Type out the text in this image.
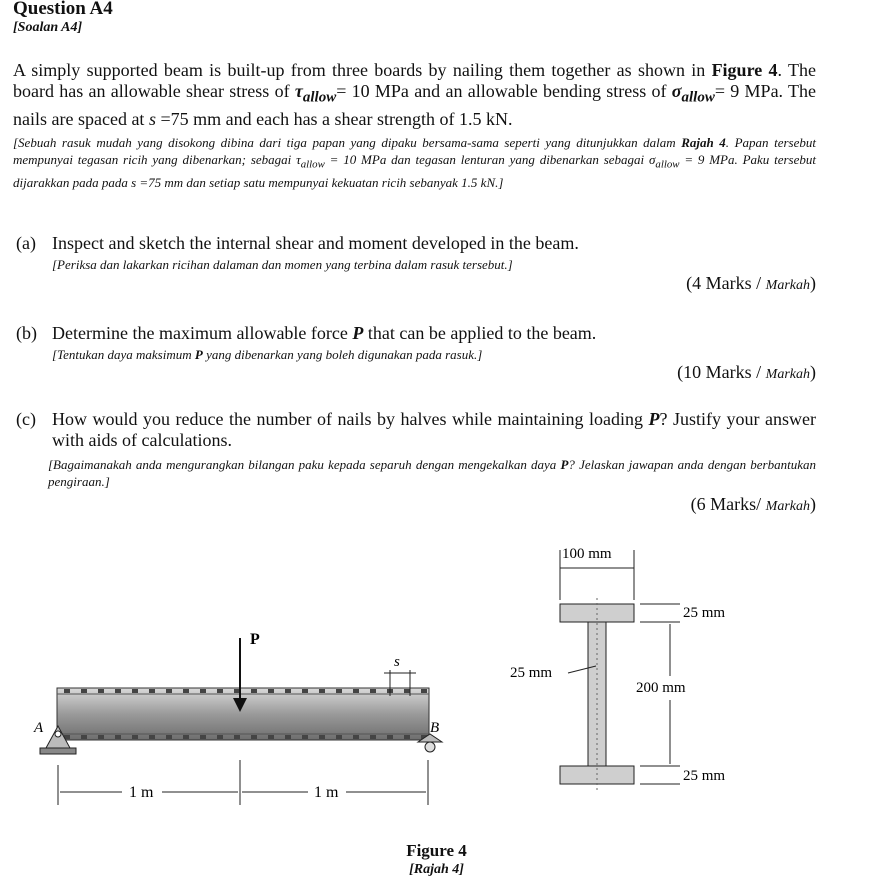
Question A4
[Soalan A4]
A simply supported beam is built-up from three boards by nailing them together as shown in Figure 4. The board has an allowable shear stress of $\tau_{allow}= 10$ MPa and an allowable bending stress of $\sigma_{allow}= 9$ MPa. The nails are spaced at s =75 mm and each has a shear strength of 1.5 kN.
[Sebuah rasuk mudah yang disokong dibina dari tiga papan yang dipaku bersama-sama seperti yang ditunjukkan dalam Rajah 4. Papan tersebut mempunyai tegasan ricih yang dibenarkan; sebagai $\tau_{allow} = 10$ MPa dan tegasan lenturan yang dibenarkan sebagai $\sigma_{allow} = 9$ MPa. Paku tersebut dijarakkan pada pada s =75 mm dan setiap satu mempunyai kekuatan ricih sebanyak 1.5 kN.]
(a) Inspect and sketch the internal shear and moment developed in the beam.
[Periksa dan lakarkan ricihan dalaman dan momen yang terbina dalam rasuk tersebut.]
(4 Marks / Markah)
(b) Determine the maximum allowable force P that can be applied to the beam.
[Tentukan daya maksimum P yang dibenarkan yang boleh digunakan pada rasuk.]
(10 Marks / Markah)
(c) How would you reduce the number of nails by halves while maintaining loading P? Justify your answer with aids of calculations.
[Bagaimanakah anda mengurangkan bilangan paku kepada separuh dengan mengekalkan daya P? Jelaskan jawapan anda dengan berbantukan pengiraan.]
(6 Marks/ Markah)
P
s
A	B
1 m	1 m
100 mm
25 mm
200 mm
25 mm
25 mm
Figure 4
[Rajah 4]
